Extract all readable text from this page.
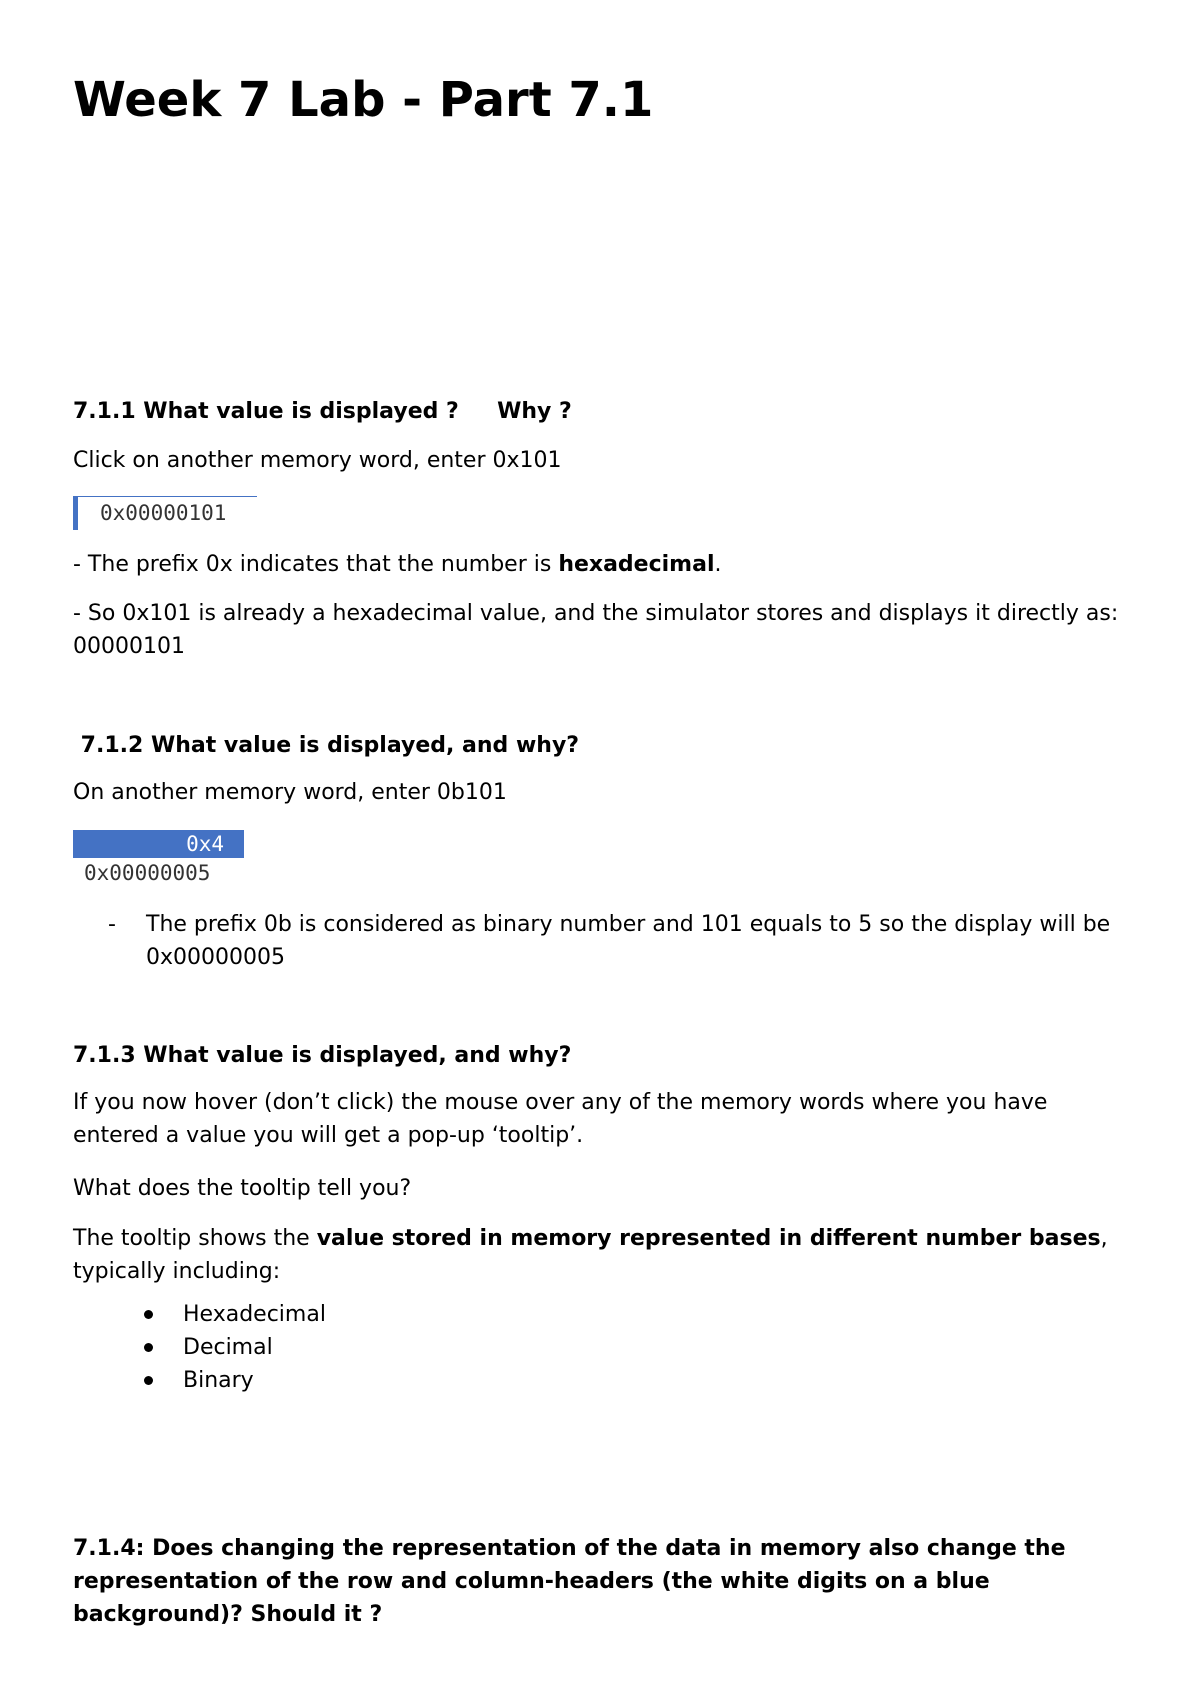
Week 7 Lab - Part 7.1
7.1.1 What value is displayed ?     Why ?

Click on another memory word, enter 0x101

0x00000101

- The prefix 0x indicates that the number is hexadecimal.

- So 0x101 is already a hexadecimal value, and the simulator stores and displays it directly as: 00000101

7.1.2 What value is displayed, and why?

On another memory word, enter 0b101

0x4
0x00000005
-	The prefix 0b is considered as binary number and 101 equals to 5 so the display will be 0x00000005
7.1.3 What value is displayed, and why?

If you now hover (don’t click) the mouse over any of the memory words where you have entered a value you will get a pop-up ‘tooltip’.

What does the tooltip tell you?

The tooltip shows the value stored in memory represented in different number bases, typically including:

Hexadecimal
Decimal
Binary

7.1.4: Does changing the representation of the data in memory also change the representation of the row and column-headers (the white digits on a blue background)? Should it ?
